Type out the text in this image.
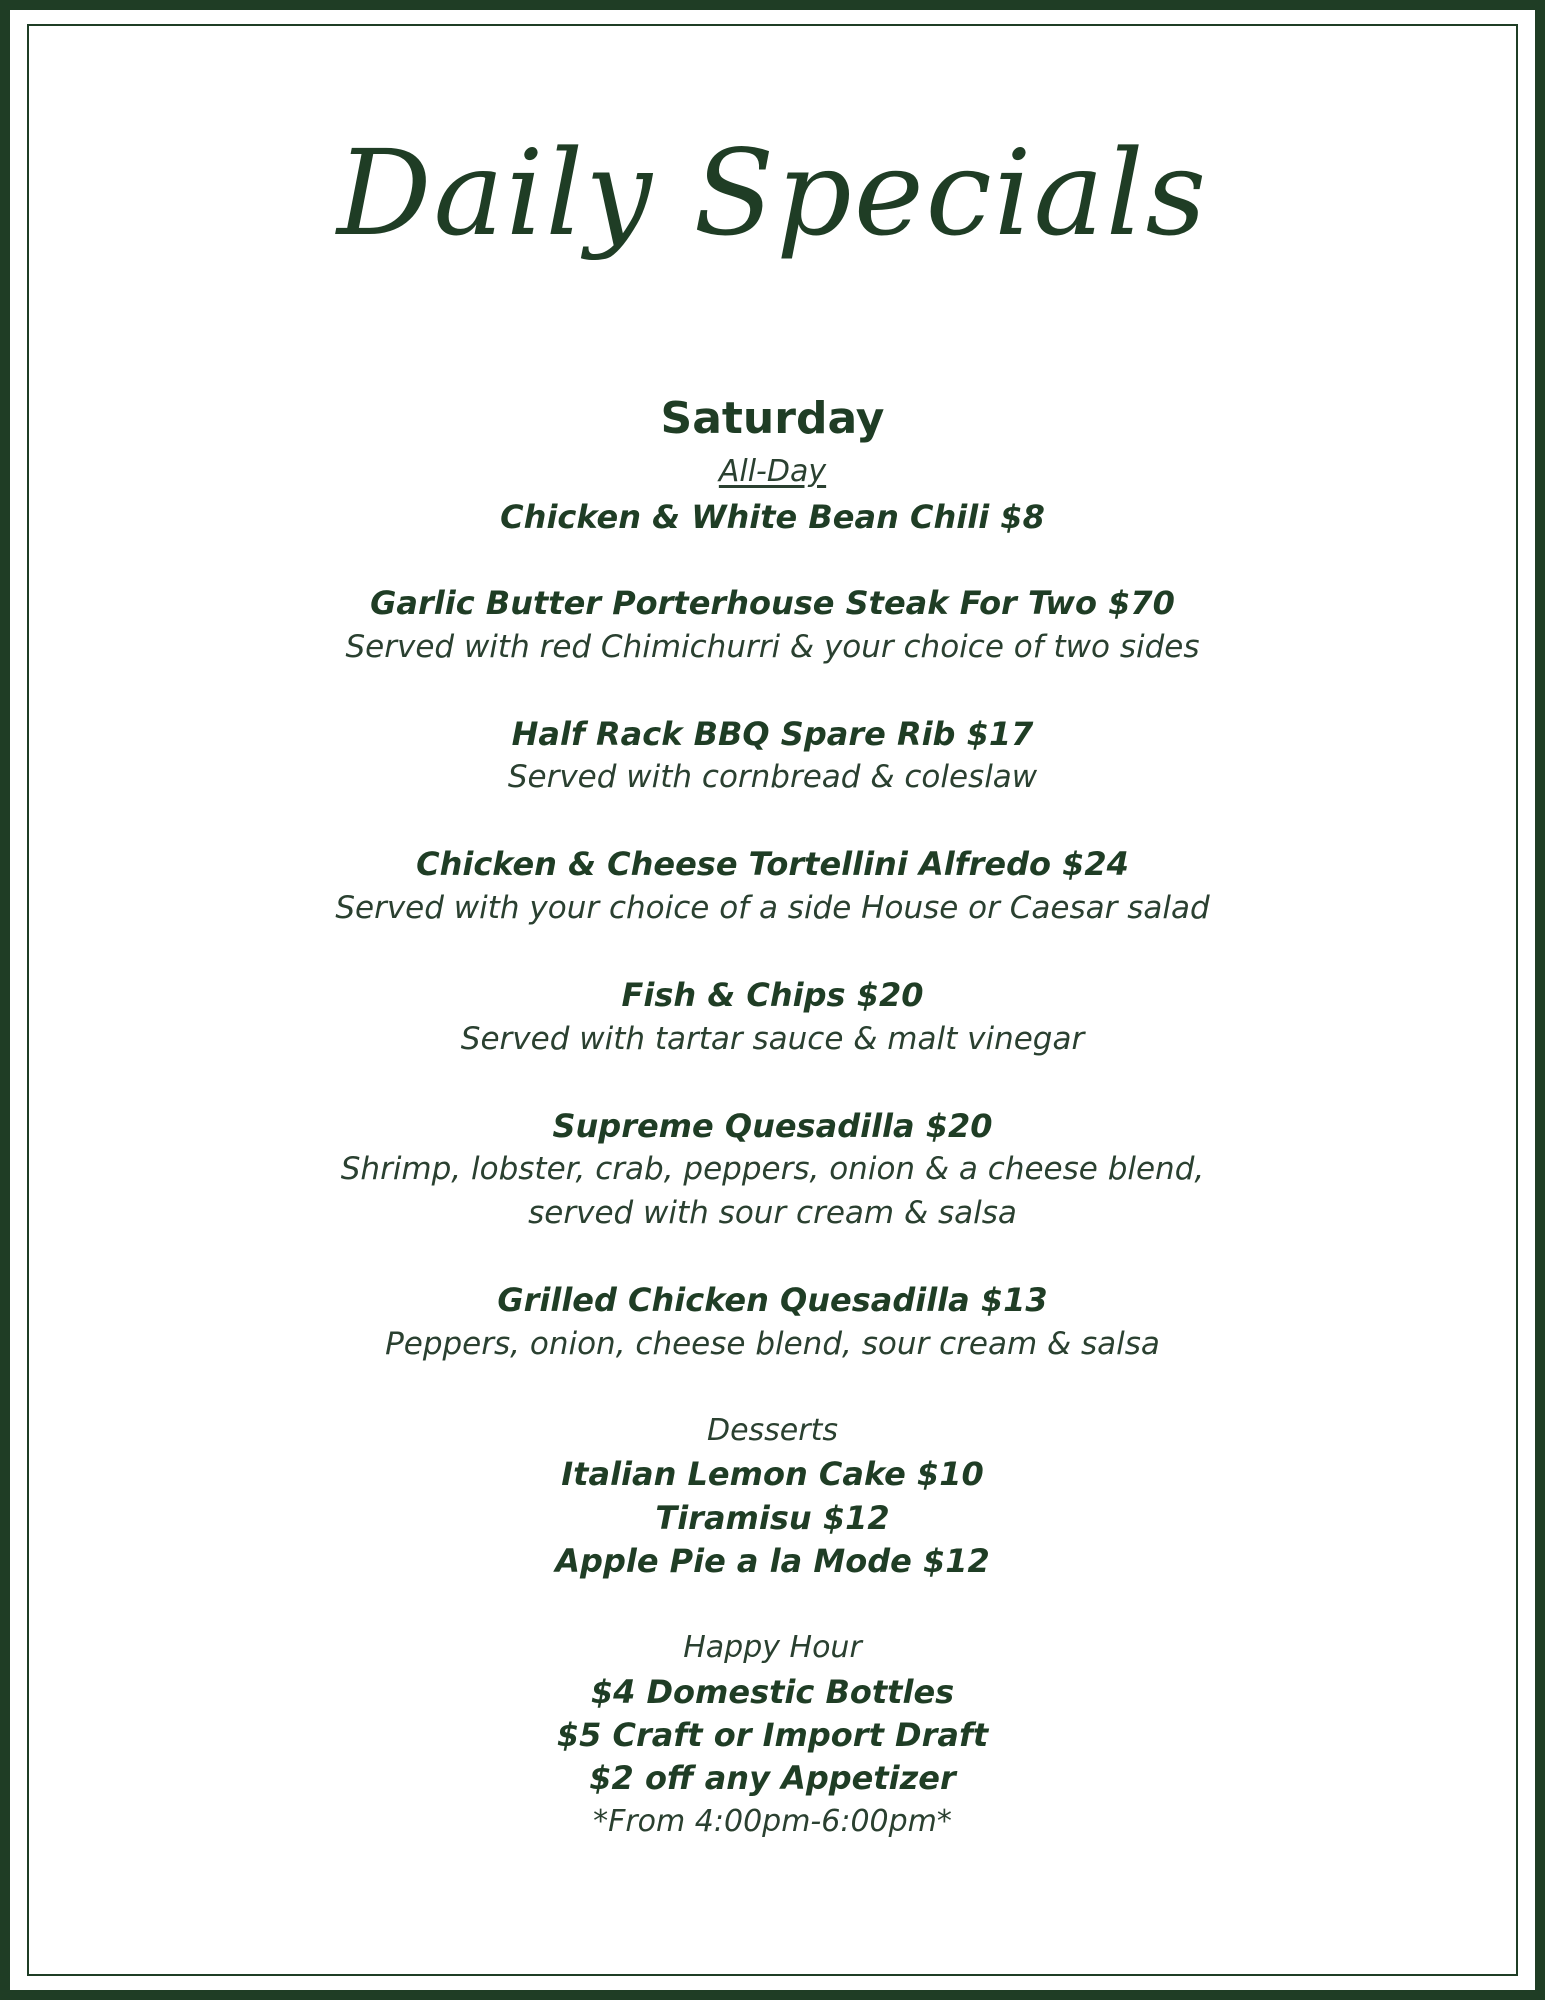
Daily Specials
Saturday
All-Day
Chicken & White Bean Chili $8
Garlic Butter Porterhouse Steak For Two $70
Served with red Chimichurri & your choice of two sides
Half Rack BBQ Spare Rib $17
Served with cornbread & coleslaw
Chicken & Cheese Tortellini Alfredo $24
Served with your choice of a side House or Caesar salad
Fish & Chips $20
Served with tartar sauce & malt vinegar
Supreme Quesadilla $20
Shrimp, lobster, crab, peppers, onion & a cheese blend,
served with sour cream & salsa
Grilled Chicken Quesadilla $13
Peppers, onion, cheese blend, sour cream & salsa
Desserts
Italian Lemon Cake $10
Tiramisu $12
Apple Pie a la Mode $12
Happy Hour
$4 Domestic Bottles
$5 Craft or Import Draft
$2 off any Appetizer
*From 4:00pm-6:00pm*
